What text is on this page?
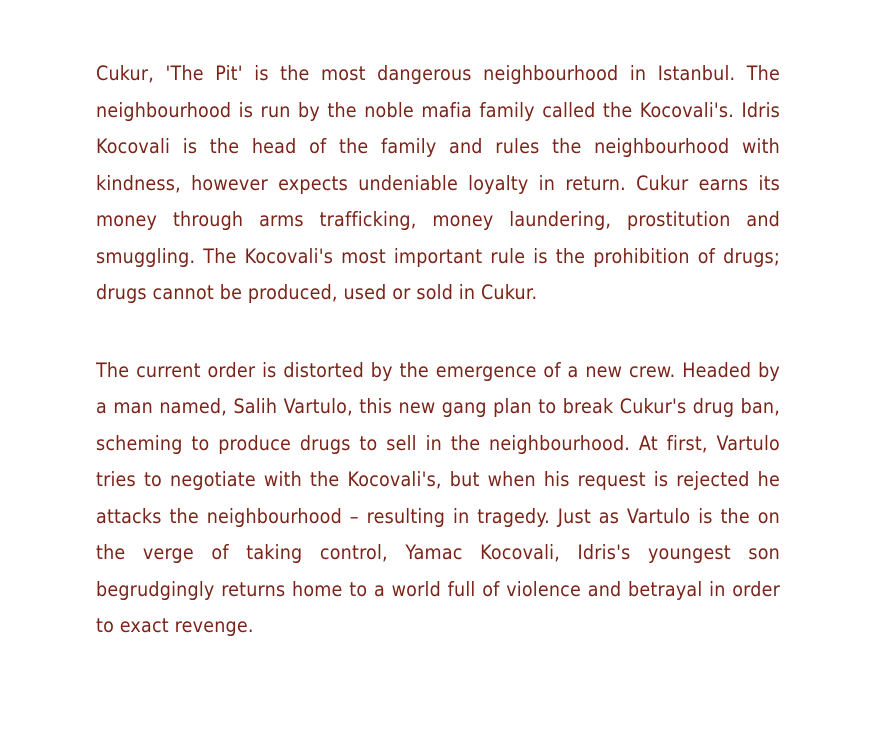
Cukur, 'The Pit' is the most dangerous neighbourhood in Istanbul. The neighbourhood is run by the noble mafia family called the Kocovali's. Idris Kocovali is the head of the family and rules the neighbourhood with kindness, however expects undeniable loyalty in return. Cukur earns its money through arms trafficking, money laundering, prostitution and smuggling. The Kocovali's most important rule is the prohibition of drugs; drugs cannot be produced, used or sold in Cukur.

The current order is distorted by the emergence of a new crew. Headed by a man named, Salih Vartulo, this new gang plan to break Cukur's drug ban, scheming to produce drugs to sell in the neighbourhood. At first, Vartulo tries to negotiate with the Kocovali's, but when his request is rejected he attacks the neighbourhood – resulting in tragedy. Just as Vartulo is the on the verge of taking control, Yamac Kocovali, Idris's youngest son begrudgingly returns home to a world full of violence and betrayal in order to exact revenge.
